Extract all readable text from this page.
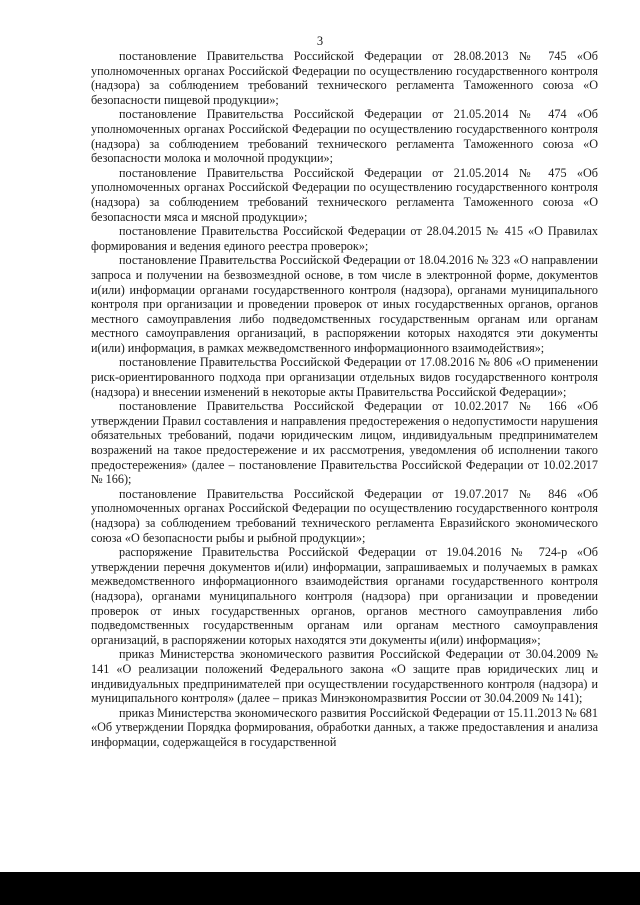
3

постановление Правительства Российской Федерации от 28.08.2013 № 745 «Об уполномоченных органах Российской Федерации по осуществлению государственного контроля (надзора) за соблюдением требований технического регламента Таможенного союза «О безопасности пищевой продукции»;

постановление Правительства Российской Федерации от 21.05.2014 № 474 «Об уполномоченных органах Российской Федерации по осуществлению государственного контроля (надзора) за соблюдением требований технического регламента Таможенного союза «О безопасности молока и молочной продукции»;

постановление Правительства Российской Федерации от 21.05.2014 № 475 «Об уполномоченных органах Российской Федерации по осуществлению государственного контроля (надзора) за соблюдением требований технического регламента Таможенного союза «О безопасности мяса и мясной продукции»;

постановление Правительства Российской Федерации от 28.04.2015 № 415 «О Правилах формирования и ведения единого реестра проверок»;

постановление Правительства Российской Федерации от 18.04.2016 № 323 «О направлении запроса и получении на безвозмездной основе, в том числе в электронной форме, документов и(или) информации органами государственного контроля (надзора), органами муниципального контроля при организации и проведении проверок от иных государственных органов, органов местного самоуправления либо подведомственных государственным органам или органам местного самоуправления организаций, в распоряжении которых находятся эти документы и(или) информация, в рамках межведомственного информационного взаимодействия»;

постановление Правительства Российской Федерации от 17.08.2016 № 806 «О применении риск-ориентированного подхода при организации отдельных видов государственного контроля (надзора) и внесении изменений в некоторые акты Правительства Российской Федерации»;

постановление Правительства Российской Федерации от 10.02.2017 № 166 «Об утверждении Правил составления и направления предостережения о недопустимости нарушения обязательных требований, подачи юридическим лицом, индивидуальным предпринимателем возражений на такое предостережение и их рассмотрения, уведомления об исполнении такого предостережения» (далее – постановление Правительства Российской Федерации от 10.02.2017 № 166);

постановление Правительства Российской Федерации от 19.07.2017 № 846 «Об уполномоченных органах Российской Федерации по осуществлению государственного контроля (надзора) за соблюдением требований технического регламента Евразийского экономического союза «О безопасности рыбы и рыбной продукции»;

распоряжение Правительства Российской Федерации от 19.04.2016 № 724-р «Об утверждении перечня документов и(или) информации, запрашиваемых и получаемых в рамках межведомственного информационного взаимодействия органами государственного контроля (надзора), органами муниципального контроля (надзора) при организации и проведении проверок от иных государственных органов, органов местного самоуправления либо подведомственных государственным органам или органам местного самоуправления организаций, в распоряжении которых находятся эти документы и(или) информация»;

приказ Министерства экономического развития Российской Федерации от 30.04.2009 № 141 «О реализации положений Федерального закона «О защите прав юридических лиц и индивидуальных предпринимателей при осуществлении государственного контроля (надзора) и муниципального контроля» (далее – приказ Минэкономразвития России от 30.04.2009 № 141);

приказ Министерства экономического развития Российской Федерации от 15.11.2013 № 681 «Об утверждении Порядка формирования, обработки данных, а также предоставления и анализа информации, содержащейся в государственной
